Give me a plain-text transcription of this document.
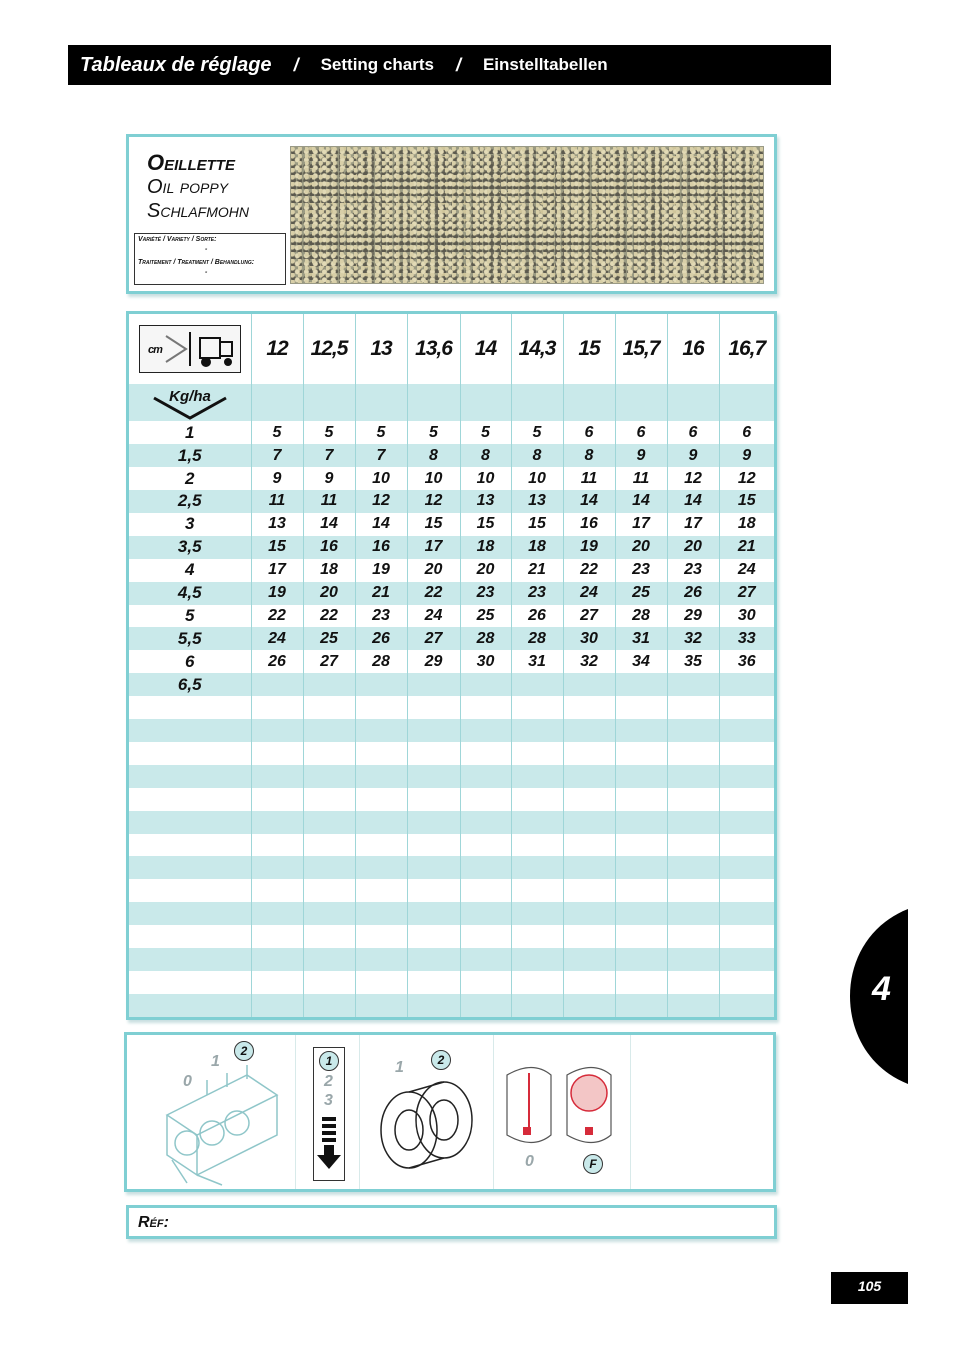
Tableaux de réglage / Setting charts / Einstelltabellen
Oeillette
Oil poppy
Schlafmohn
Variété / Variety / Sorte:
-
Traitement / Treatment / Behandlung:
-
cm	12	12,5	13	13,6	14	14,3	15	15,7	16	16,7

Kg/ha										

1	5	5	5	5	5	5	6	6	6	6
1,5	7	7	7	8	8	8	8	9	9	9
2	9	9	10	10	10	10	11	11	12	12
2,5	11	11	12	12	13	13	14	14	14	15
3	13	14	14	15	15	15	16	17	17	18
3,5	15	16	16	17	18	18	19	20	20	21
4	17	18	19	20	20	21	22	23	23	24
4,5	19	20	21	22	23	23	24	25	26	27
5	22	22	23	24	25	26	27	28	29	30
5,5	24	25	26	27	28	28	30	31	32	33
6	26	27	28	29	30	31	32	34	35	36
6,5										

0
1
2
1
2
3
1	2
0	F
Réf:
4
105
